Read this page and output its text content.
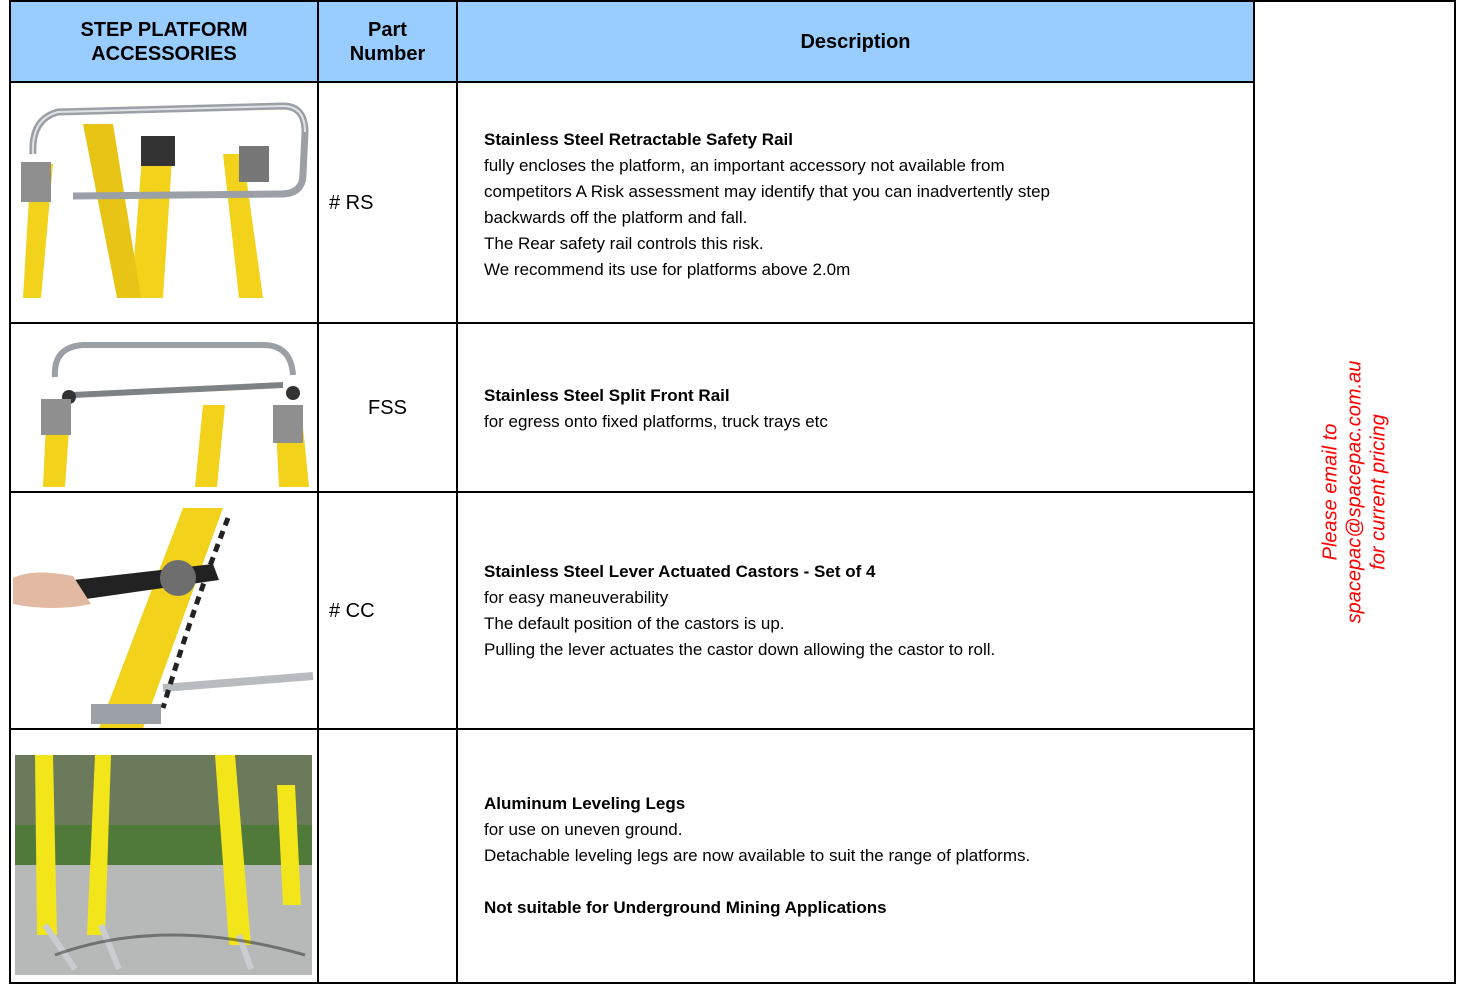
STEP PLATFORM
ACCESSORIES
Part
Number
Description
# RS
FSS
# CC
Stainless Steel Retractable Safety Rail
fully encloses the platform, an important accessory not available from
competitors A Risk assessment may identify that you can inadvertently step
backwards off the platform and fall.
The Rear safety rail controls this risk.
We recommend its use for platforms above 2.0m
Stainless Steel Split Front Rail
for egress onto fixed platforms, truck trays etc
Stainless Steel Lever Actuated Castors - Set of 4
for easy maneuverability
The default position of the castors is up.
Pulling the lever actuates the castor down allowing the castor to roll.
Aluminum Leveling Legs
for use on uneven ground.
Detachable leveling legs are now available to suit the range of platforms.
Not suitable for Underground Mining Applications
Please email to spacepac@spacepac.com.au for current pricing
